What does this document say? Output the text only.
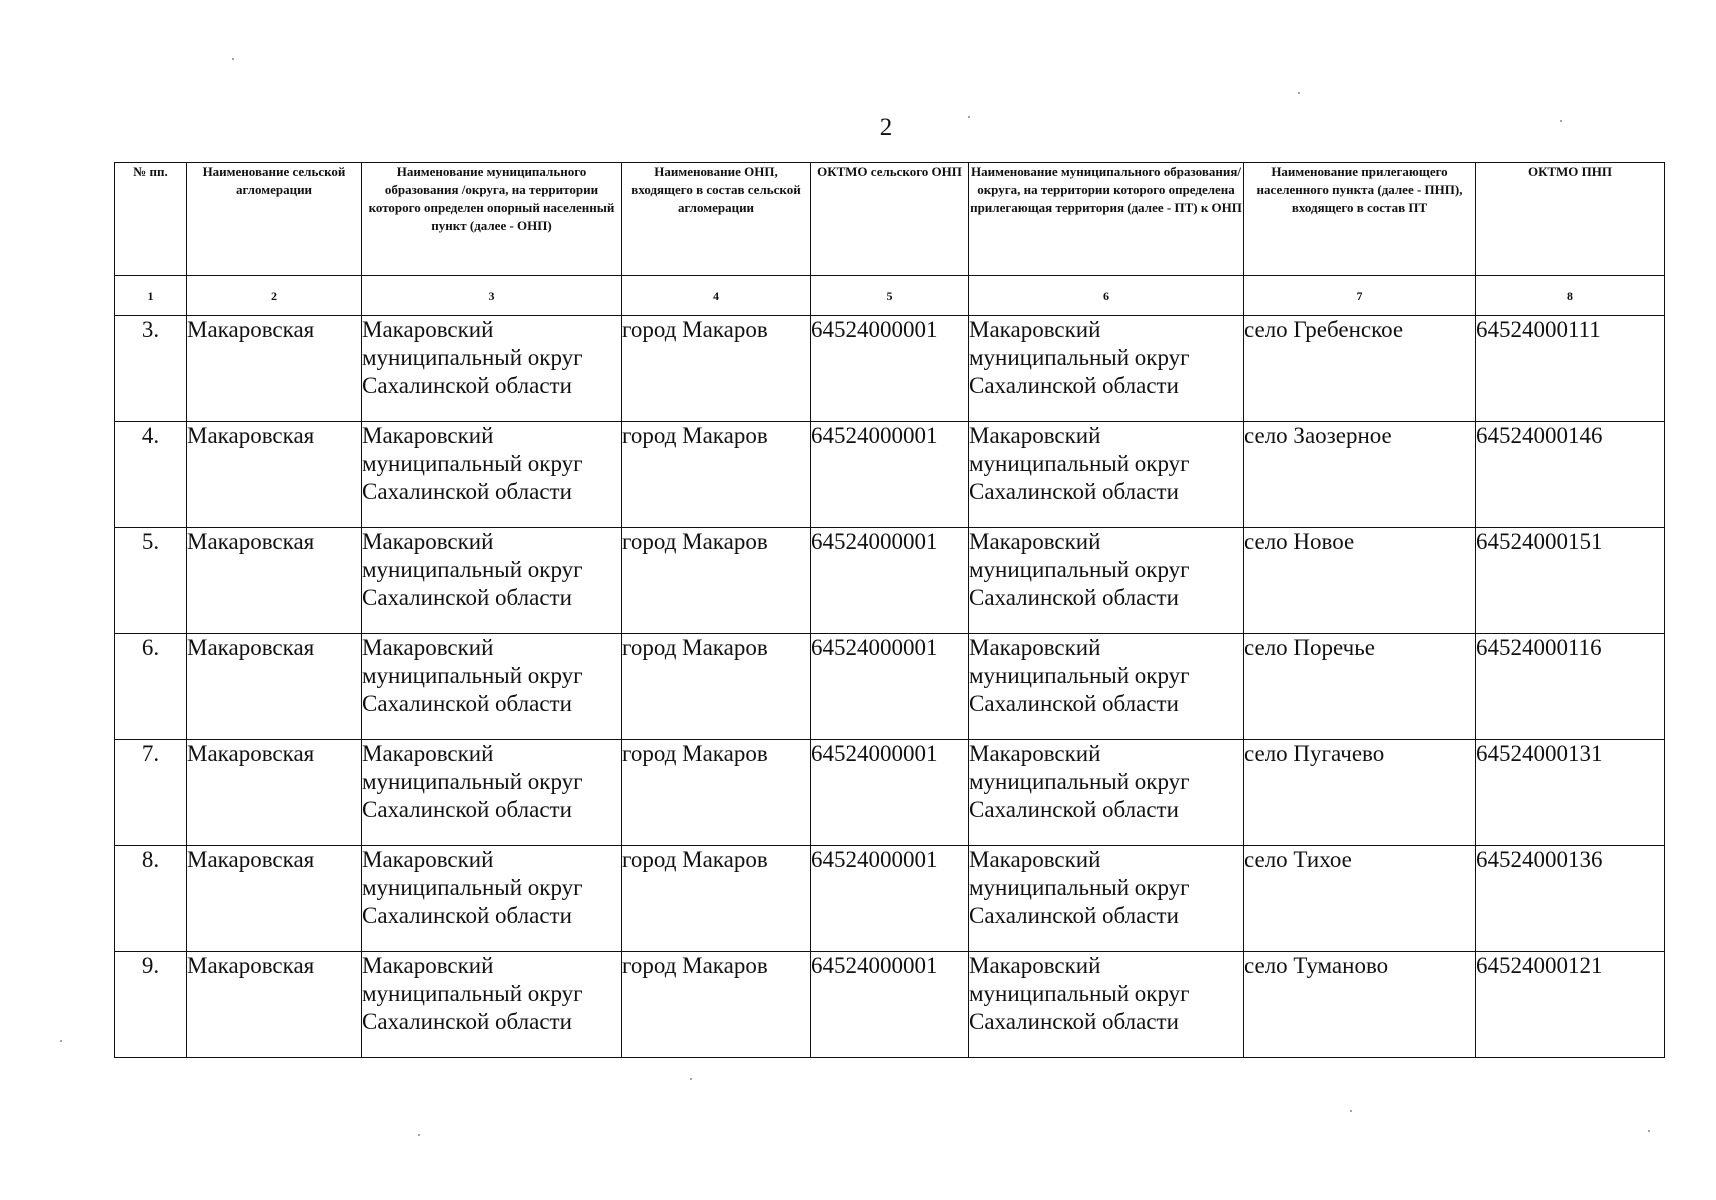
2
№ пп.	Наименование сельской агломерации	Наименование муниципального образования /округа, на территории которого определен опорный населенный пункт (далее - ОНП)	Наименование ОНП, входящего в состав сельской агломерации	ОКТМО сельского ОНП	Наименование муниципального образования/округа, на территории которого определена прилегающая территория (далее - ПТ) к ОНП	Наименование прилегающего населенного пункта (далее - ПНП), входящего в состав ПТ	ОКТМО ПНП
1	2	3	4	5	6	7	8
3.	Макаровская	Макаровский муниципальный округ Сахалинской области	город Макаров	64524000001	Макаровский муниципальный округ Сахалинской области	село Гребенское	64524000111
4.	Макаровская	Макаровский муниципальный округ Сахалинской области	город Макаров	64524000001	Макаровский муниципальный округ Сахалинской области	село Заозерное	64524000146
5.	Макаровская	Макаровский муниципальный округ Сахалинской области	город Макаров	64524000001	Макаровский муниципальный округ Сахалинской области	село Новое	64524000151
6.	Макаровская	Макаровский муниципальный округ Сахалинской области	город Макаров	64524000001	Макаровский муниципальный округ Сахалинской области	село Поречье	64524000116
7.	Макаровская	Макаровский муниципальный округ Сахалинской области	город Макаров	64524000001	Макаровский муниципальный округ Сахалинской области	село Пугачево	64524000131
8.	Макаровская	Макаровский муниципальный округ Сахалинской области	город Макаров	64524000001	Макаровский муниципальный округ Сахалинской области	село Тихое	64524000136
9.	Макаровская	Макаровский муниципальный округ Сахалинской области	город Макаров	64524000001	Макаровский муниципальный округ Сахалинской области	село Туманово	64524000121
